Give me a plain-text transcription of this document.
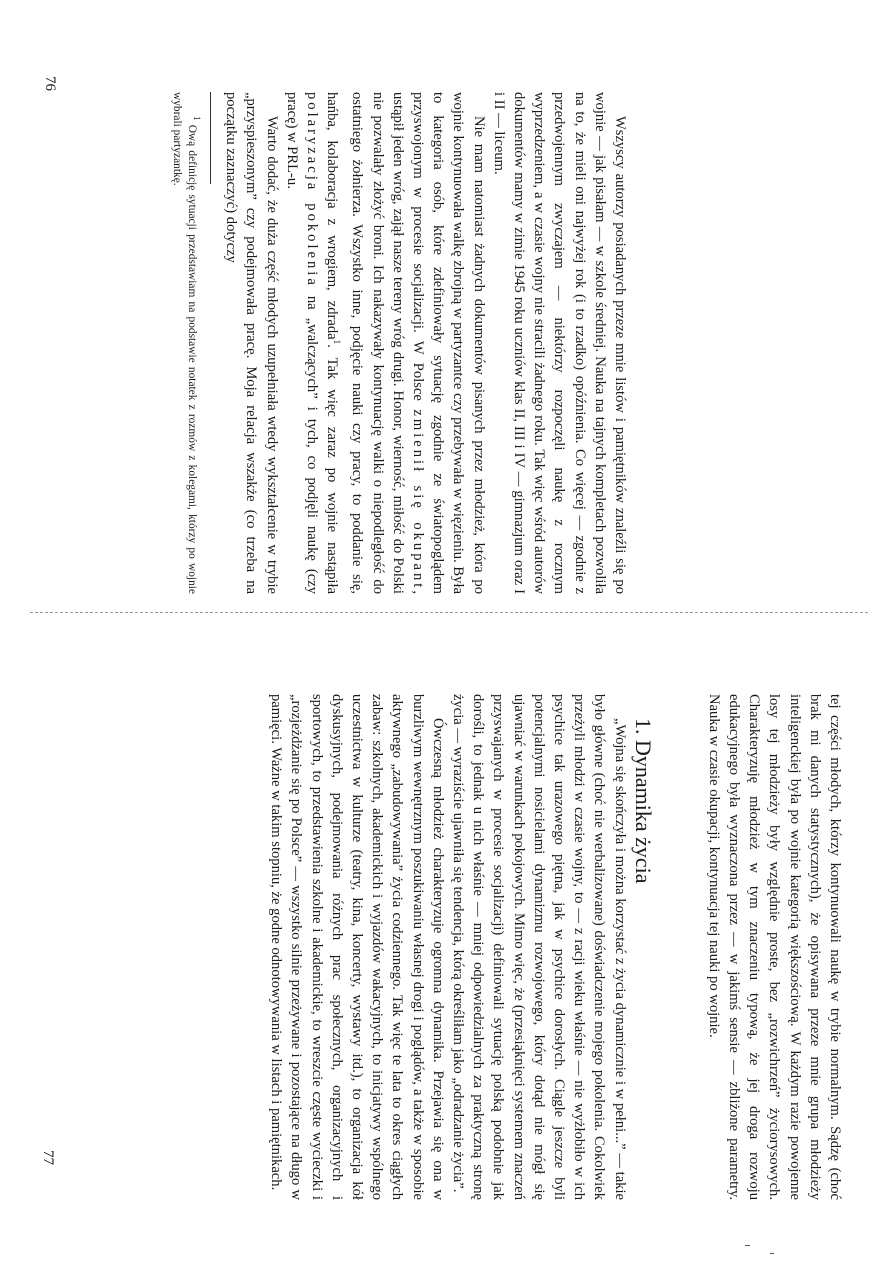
Wszyscy autorzy posiadanych przeze mnie listów i pamiętników znaleźli się po wojnie — jak pisałam — w szkole średniej. Nauka na tajnych kompletach pozwoliła na to, że mieli oni najwyżej rok (i to rzadko) opóźnienia. Co więcej — zgodnie z przedwojennym zwyczajem — niektórzy rozpoczęli naukę z rocznym wyprzedzeniem, a w czasie wojny nie stracili żadnego roku. Tak więc wśród autorów dokumentów mamy w zimie 1945 roku uczniów klas II, III i IV — gimnazjum oraz I i II — liceum.

Nie mam natomiast żadnych dokumentów pisanych przez młodzież, która po wojnie kontynuowała walkę zbrojną w partyzantce czy przebywała w więzieniu. Była to kategoria osób, które zdefiniowały sytuację zgodnie ze światopoglądem przyswojonym w procesie socjalizacji. W Polsce zmienił się okupant, ustąpił jeden wróg, zajął nasze tereny wróg drugi. Honor, wierność, miłość do Polski nie pozwalały złożyć broni. Ich nakazywały kontynuację walki o niepodległość do ostatniego żołnierza. Wszystko inne, podjęcie nauki czy pracy, to poddanie się, hańba, kolaboracja z wrogiem, zdrada$^1$. Tak więc zaraz po wojnie nastąpiła polaryzacja pokolenia na „walczących” i tych, co podjęli naukę (czy pracę) w PRL-u.

Warto dodać, że duża część młodych uzupełniała wtedy wykształcenie w trybie „przyspieszonym” czy podejmowała pracę. Moja relacja wszakże (co trzeba na początku zaznaczyć) dotyczy

$^1$ Ową definicję sytuacji przedstawiam na podstawie notatek z rozmów z kolegami, którzy po wojnie wybrali partyzantkę.

76

tej części młodych, którzy kontynuowali naukę w trybie normalnym. Sądzę (choć brak mi danych statystycznych), że opisywana przeze mnie grupa młodzieży inteligenckiej była po wojnie kategorią większościową. W każdym razie powojenne losy tej młodzieży były względnie proste, bez „rozwichrzeń” życiorysowych. Charakteryzuję młodzież w tym znaczeniu typową, że jej droga rozwoju edukacyjnego była wyznaczona przez — w jakimś sensie — zbliżone parametry. Nauka w czasie okupacji, kontynuacja tej nauki po wojnie.

1. Dynamika życia

„Wojna się skończyła i można korzystać z życia dynamicznie i w pełni...” — takie było główne (choć nie werbalizowane) doświadczenie mojego pokolenia. Cokolwiek przeżyli młodzi w czasie wojny, to — z racji wieku właśnie — nie wyżłobiło w ich psychice tak urazowego piętna, jak w psychice dorosłych. Ciągle jeszcze byli potencjalnymi nosicielami dynamizmu rozwojowego, który dotąd nie mógł się ujawniać w warunkach pokojowych. Mimo więc, że (przesiąknięci systemem znaczeń przyswajanych w procesie socjalizacji) definiowali sytuację polską podobnie jak dorośli, to jednak u nich właśnie — mniej odpowiedzialnych za praktyczną stronę życia — wyraziście ujawniła się tendencja, którą określiłam jako „odradzanie życia”.

Ówczesną młodzież charakteryzuje ogromna dynamika. Przejawia się ona w burzliwym wewnętrznym poszukiwaniu własnej drogi i poglądów, a także w sposobie aktywnego „zabudowywania” życia codziennego. Tak więc te lata to okres ciągłych zabaw: szkolnych, akademickich i wyjazdów wakacyjnych, to inicjatywy wspólnego uczestnictwa w kulturze (teatry, kina, koncerty, wystawy itd.), to organizacja kół dyskusyjnych, podejmowania różnych prac społecznych, organizacyjnych i sportowych, to przedstawienia szkolne i akademickie, to wreszcie częste wycieczki i „rozjeżdżanie się po Polsce” — wszystko silnie przeżywane i pozostające na długo w pamięci. Ważne w takim stopniu, że godne odnotowywania w listach i pamiętnikach.

77
